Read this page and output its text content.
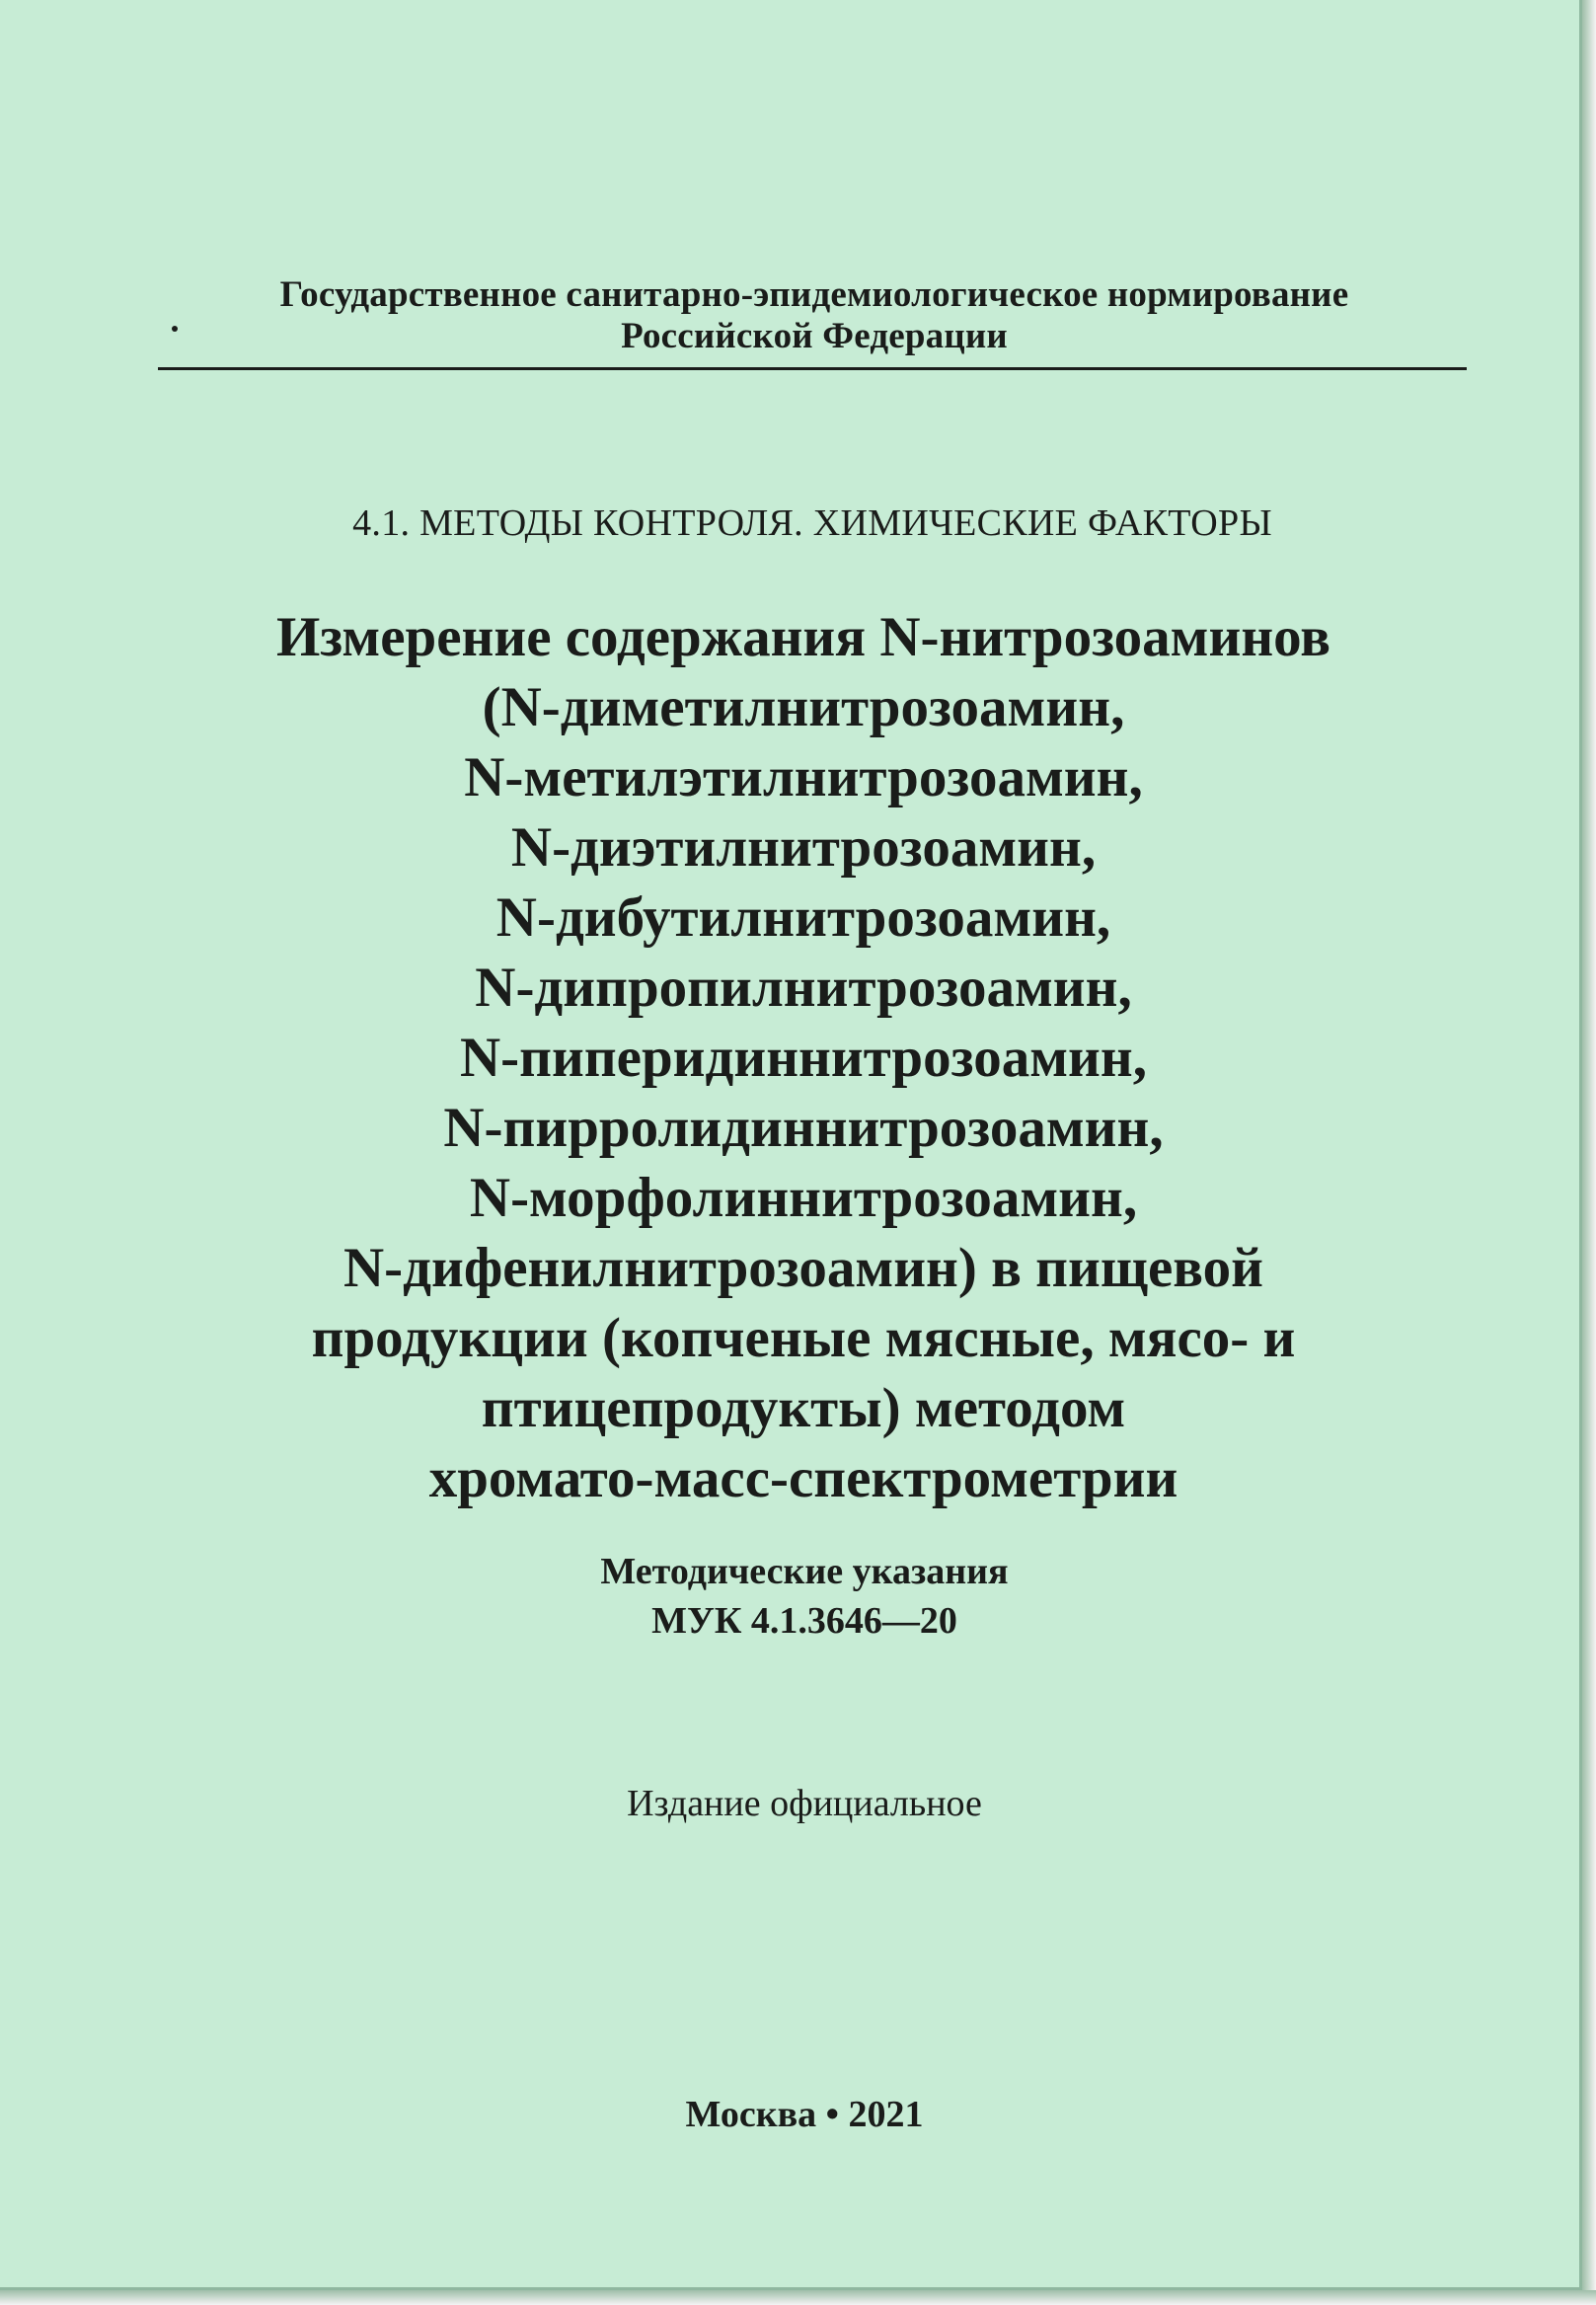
Государственное санитарно-эпидемиологическое нормирование
Российской Федерации
4.1. МЕТОДЫ КОНТРОЛЯ. ХИМИЧЕСКИЕ ФАКТОРЫ
Измерение содержания N-нитрозоаминов
(N-диметилнитрозоамин,
N-метилэтилнитрозоамин,
N-диэтилнитрозоамин,
N-дибутилнитрозоамин,
N-дипропилнитрозоамин,
N-пиперидиннитрозоамин,
N-пирролидиннитрозоамин,
N-морфолиннитрозоамин,
N-дифенилнитрозоамин) в пищевой
продукции (копченые мясные, мясо- и
птицепродукты) методом
хромато-масс-спектрометрии
Методические указания
МУК 4.1.3646—20
Издание официальное
Москва • 2021
